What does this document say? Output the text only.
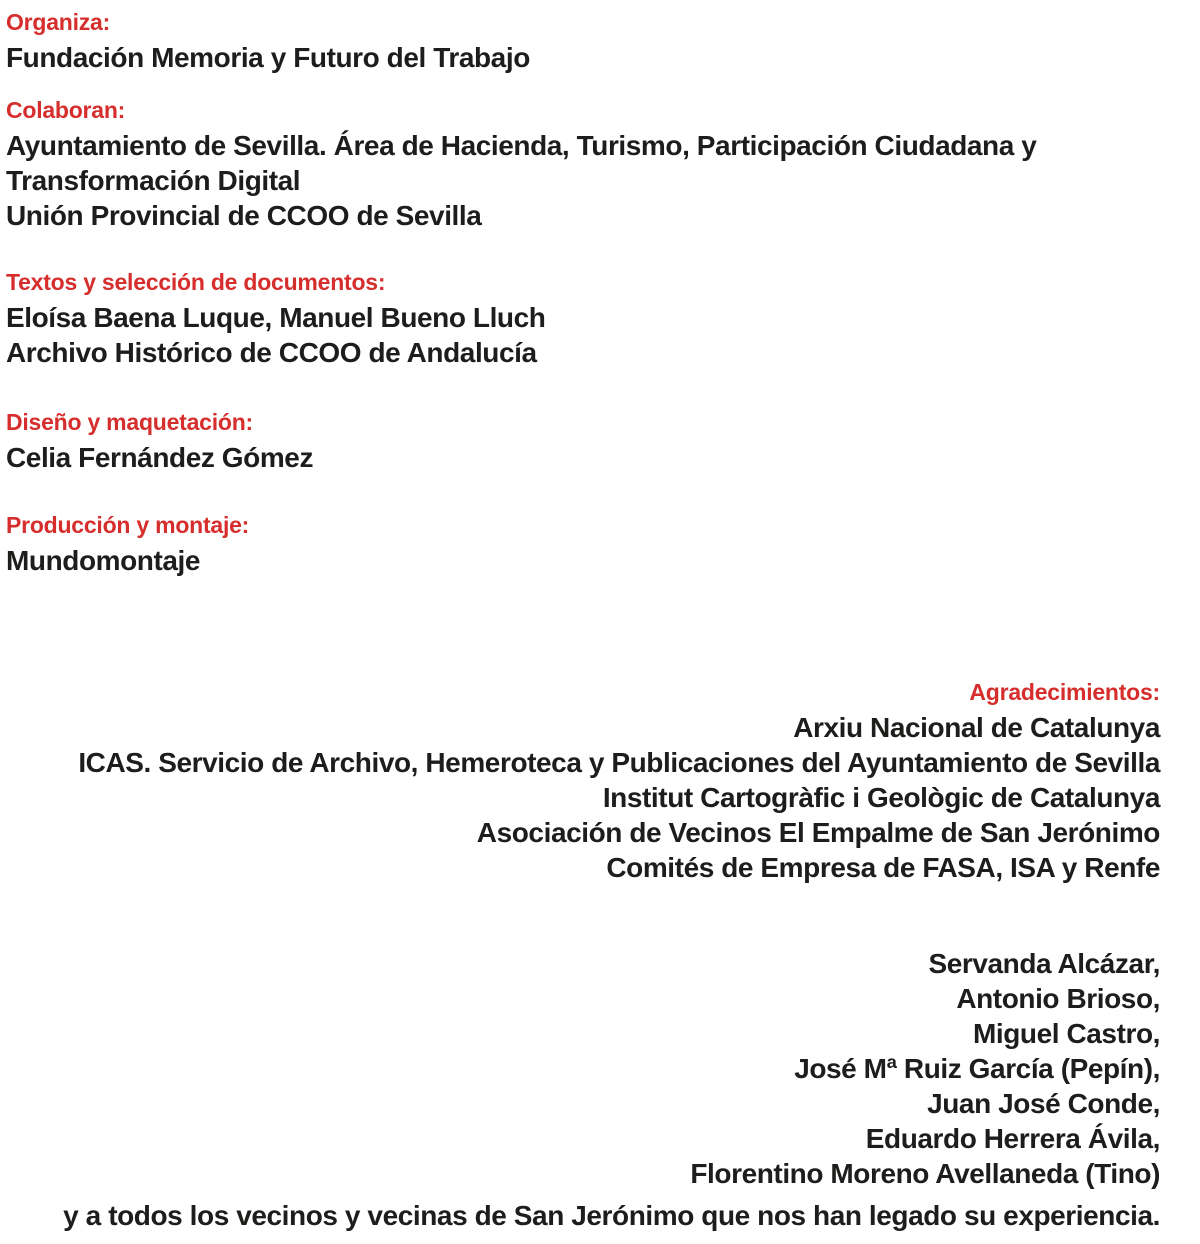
Organiza:
Fundación Memoria y Futuro del Trabajo
Colaboran:
Ayuntamiento de Sevilla. Área de Hacienda, Turismo, Participación Ciudadana y
Transformación Digital
Unión Provincial de CCOO de Sevilla
Textos y selección de documentos:
Eloísa Baena Luque, Manuel Bueno Lluch
Archivo Histórico de CCOO de Andalucía
Diseño y maquetación:
Celia Fernández Gómez
Producción y montaje:
Mundomontaje
Agradecimientos:
Arxiu Nacional de Catalunya
ICAS. Servicio de Archivo, Hemeroteca y Publicaciones del Ayuntamiento de Sevilla
Institut Cartogràfic i Geològic de Catalunya
Asociación de Vecinos El Empalme de San Jerónimo
Comités de Empresa de FASA, ISA y Renfe
Servanda Alcázar,
Antonio Brioso,
Miguel Castro,
José Mª Ruiz García (Pepín),
Juan José Conde,
Eduardo Herrera Ávila,
Florentino Moreno Avellaneda (Tino)
y a todos los vecinos y vecinas de San Jerónimo que nos han legado su experiencia.
